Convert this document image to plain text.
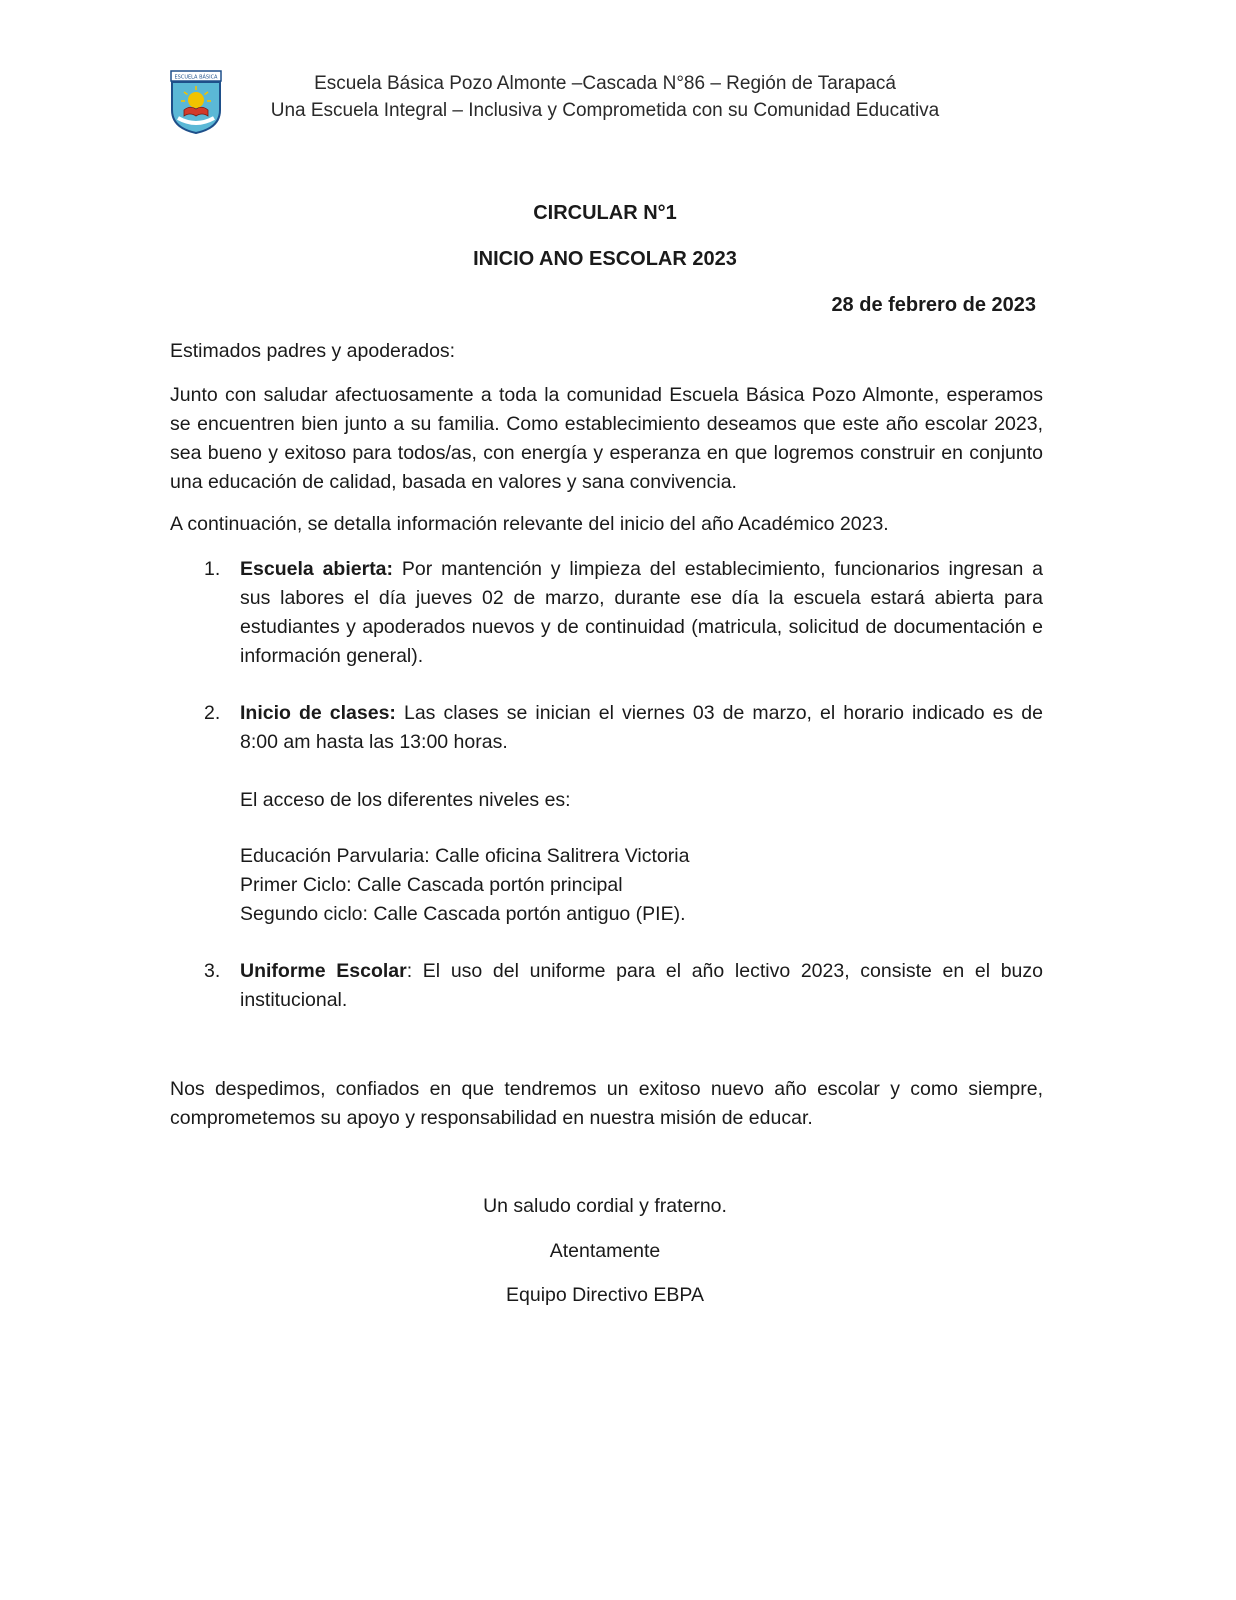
ESCUELA BÁSICA	Escuela Básica Pozo Almonte –Cascada N°86 – Región de Tarapacá
Una Escuela Integral – Inclusiva y Comprometida con su Comunidad Educativa
CIRCULAR N°1
INICIO ANO ESCOLAR 2023
28 de febrero de 2023
Estimados padres y apoderados:
Junto con saludar afectuosamente a toda la comunidad Escuela Básica Pozo Almonte, esperamos se encuentren bien junto a su familia. Como establecimiento deseamos que este año escolar 2023, sea bueno y exitoso para todos/as, con energía y esperanza en que logremos construir en conjunto una educación de calidad, basada en valores y sana convivencia.
A continuación, se detalla información relevante del inicio del año Académico 2023.
1.	Escuela abierta: Por mantención y limpieza del establecimiento, funcionarios ingresan a sus labores el día jueves 02 de marzo, durante ese día la escuela estará abierta para estudiantes y apoderados nuevos y de continuidad (matricula, solicitud de documentación e información general).
2.	Inicio de clases: Las clases se inician el viernes 03 de marzo, el horario indicado es de 8:00 am hasta las 13:00 horas.
El acceso de los diferentes niveles es:
Educación Parvularia: Calle oficina Salitrera Victoria
Primer Ciclo: Calle Cascada portón principal
Segundo ciclo: Calle Cascada portón antiguo (PIE).
3.	Uniforme Escolar: El uso del uniforme para el año lectivo 2023, consiste en el buzo institucional.
Nos despedimos, confiados en que tendremos un exitoso nuevo año escolar y como siempre, comprometemos su apoyo y responsabilidad en nuestra misión de educar.
Un saludo cordial y fraterno.
Atentamente
Equipo Directivo EBPA
